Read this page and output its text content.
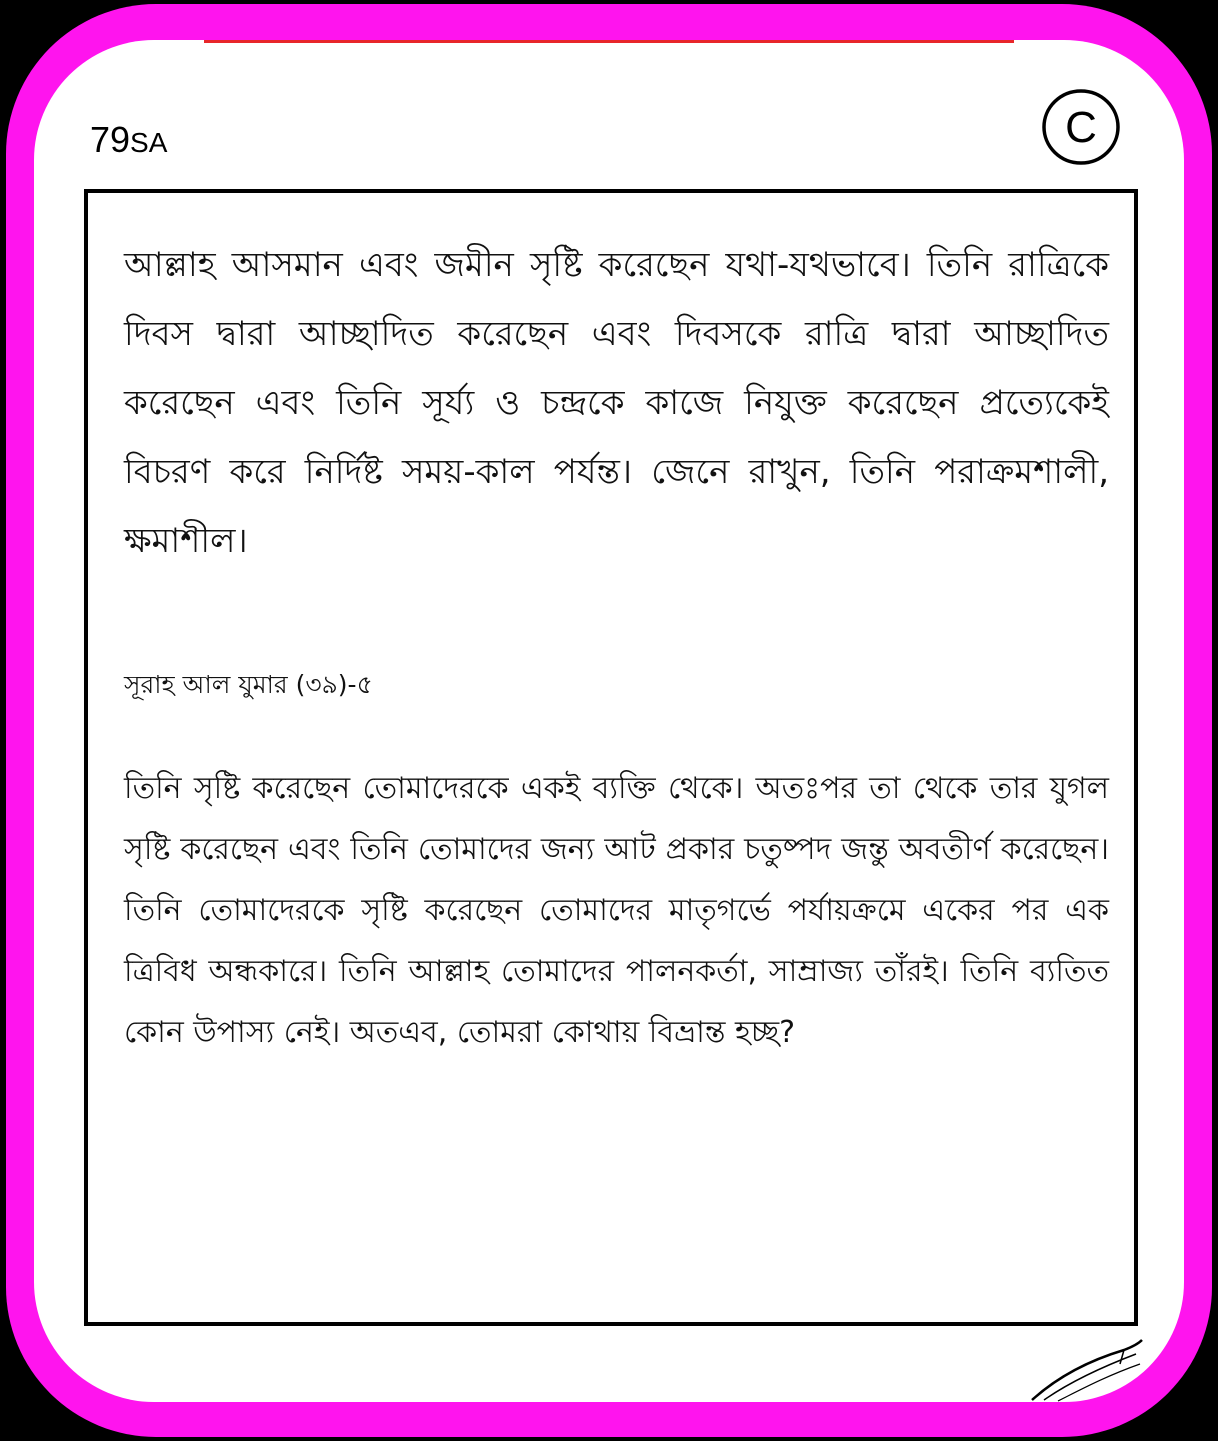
79SA	C

আল্লাহ আসমান এবং জমীন সৃষ্টি করেছেন যথা-যথভাবে। তিনি রাত্রিকে দিবস দ্বারা আচ্ছাদিত করেছেন এবং দিবসকে রাত্রি দ্বারা আচ্ছাদিত করেছেন এবং তিনি সূর্য্য ও চন্দ্রকে কাজে নিযুক্ত করেছেন প্রত্যেকেই বিচরণ করে নির্দিষ্ট সময়-কাল পর্যন্ত। জেনে রাখুন, তিনি পরাক্রমশালী, ক্ষমাশীল।

সূরাহ আল যুমার (৩৯)-৫

তিনি সৃষ্টি করেছেন তোমাদেরকে একই ব্যক্তি থেকে। অতঃপর তা থেকে তার যুগল সৃষ্টি করেছেন এবং তিনি তোমাদের জন্য আট প্রকার চতুষ্পদ জন্তু অবতীর্ণ করেছেন। তিনি তোমাদেরকে সৃষ্টি করেছেন তোমাদের মাতৃগর্ভে পর্যায়ক্রমে একের পর এক ত্রিবিধ অন্ধকারে। তিনি আল্লাহ তোমাদের পালনকর্তা, সাম্রাজ্য তাঁরই। তিনি ব্যতিত কোন উপাস্য নেই। অতএব, তোমরা কোথায় বিভ্রান্ত হচ্ছ?
